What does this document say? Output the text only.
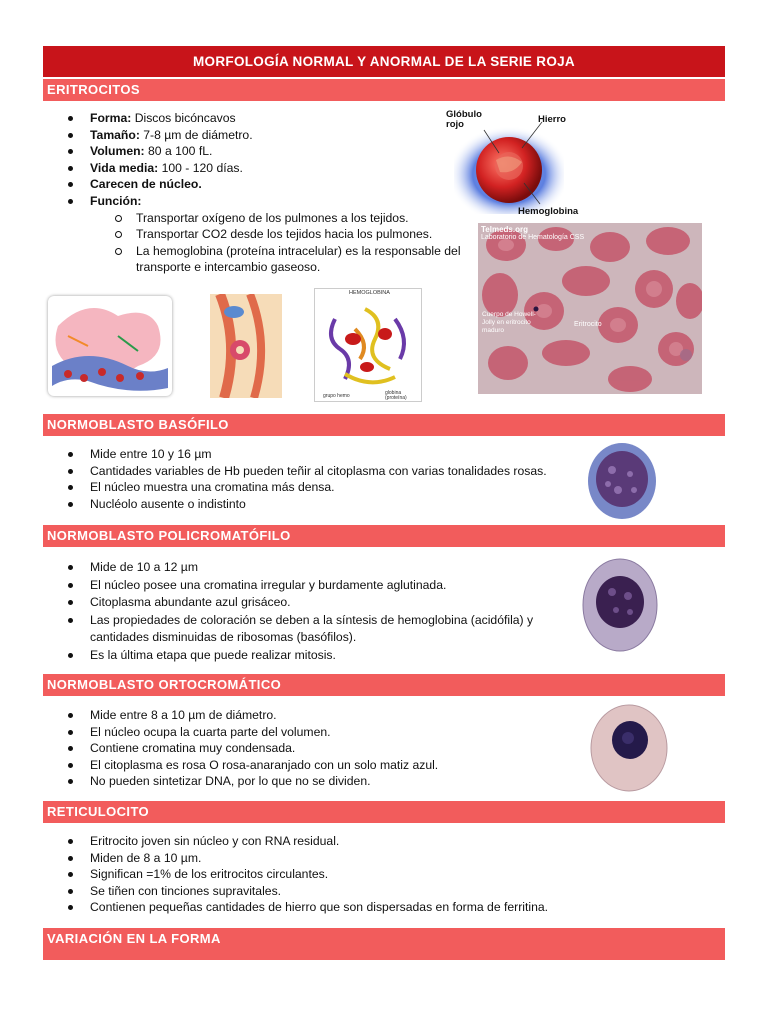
MORFOLOGÍA NORMAL Y ANORMAL DE LA SERIE ROJA
ERITROCITOS
Forma: Discos bicóncavos
Tamaño: 7-8 µm de diámetro.
Volumen: 80 a 100 fL.
Vida media: 100 - 120 días.
Carecen de núcleo.
Función:
Transportar oxígeno de los pulmones a los tejidos.
Transportar CO2 desde los tejidos hacia los pulmones.
La hemoglobina (proteína intracelular) es la responsable del transporte e intercambio gaseoso.
Glóbulo rojo	Hierro
Hemoglobina
Telmeds.org
Laboratorio de Hematología CSS
Cuerpo de Howell-Jolly en eritrocito maduro
Eritrocito
HEMOGLOBINA
grupo hemo	globina (proteína)
NORMOBLASTO BASÓFILO
Mide entre 10 y 16 µm
Cantidades variables de Hb pueden teñir al citoplasma con varias tonalidades rosas.
El núcleo muestra una cromatina más densa.
Nucléolo ausente o indistinto
NORMOBLASTO POLICROMATÓFILO
Mide de 10 a 12 µm
El núcleo posee una cromatina irregular y burdamente aglutinada.
Citoplasma abundante azul grisáceo.
Las propiedades de coloración se deben a la síntesis de hemoglobina (acidófila) y cantidades disminuidas de ribosomas (basófilos).
Es la última etapa que puede realizar mitosis.
NORMOBLASTO ORTOCROMÁTICO
Mide entre 8 a 10 µm de diámetro.
El núcleo ocupa la cuarta parte del volumen.
Contiene cromatina muy condensada.
El citoplasma es rosa O rosa-anaranjado con un solo matiz azul.
No pueden sintetizar DNA, por lo que no se dividen.
RETICULOCITO
Eritrocito joven sin núcleo y con RNA residual.
Miden de 8 a 10 µm.
Significan =1% de los eritrocitos circulantes.
Se tiñen con tinciones supravitales.
Contienen pequeñas cantidades de hierro que son dispersadas en forma de ferritina.
VARIACIÓN EN LA FORMA
